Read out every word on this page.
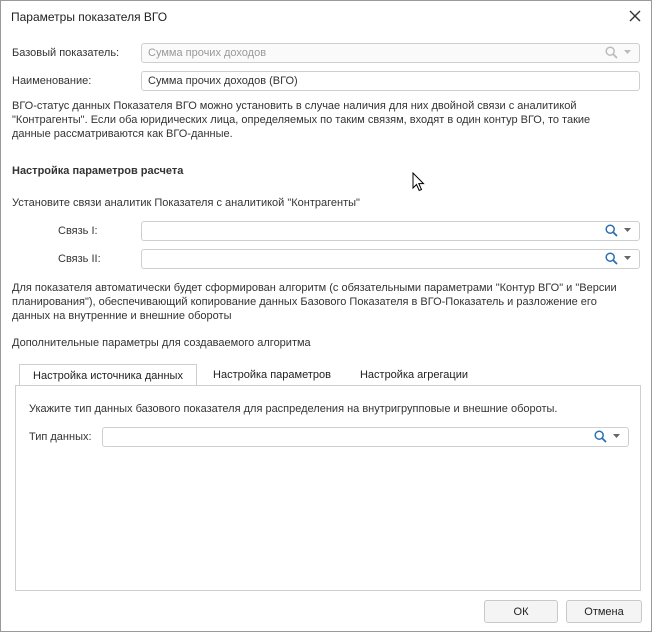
Параметры показателя ВГО
Базовый показатель:	Сумма прочих доходов
Наименование:	Сумма прочих доходов (ВГО)
ВГО-статус данных Показателя ВГО можно установить в случае наличия для них двойной связи с аналитикой
"Контрагенты". Если оба юридических лица, определяемых по таким связям, входят в один контур ВГО, то такие
данные рассматриваются как ВГО-данные.
Настройка параметров расчета
Установите связи аналитик Показателя с аналитикой "Контрагенты"
Связь I:
Связь II:
Для показателя автоматически будет сформирован алгоритм (с обязательными параметрами "Контур ВГО" и "Версии
планирования"), обеспечивающий копирование данных Базового Показателя в ВГО-Показатель и разложение его
данных на внутренние и внешние обороты
Дополнительные параметры для создаваемого алгоритма
Настройка источника данных	Настройка параметров	Настройка агрегации
Укажите тип данных базового показателя для распределения на внутригрупповые и внешние обороты.
Тип данных:
ОК	Отмена
